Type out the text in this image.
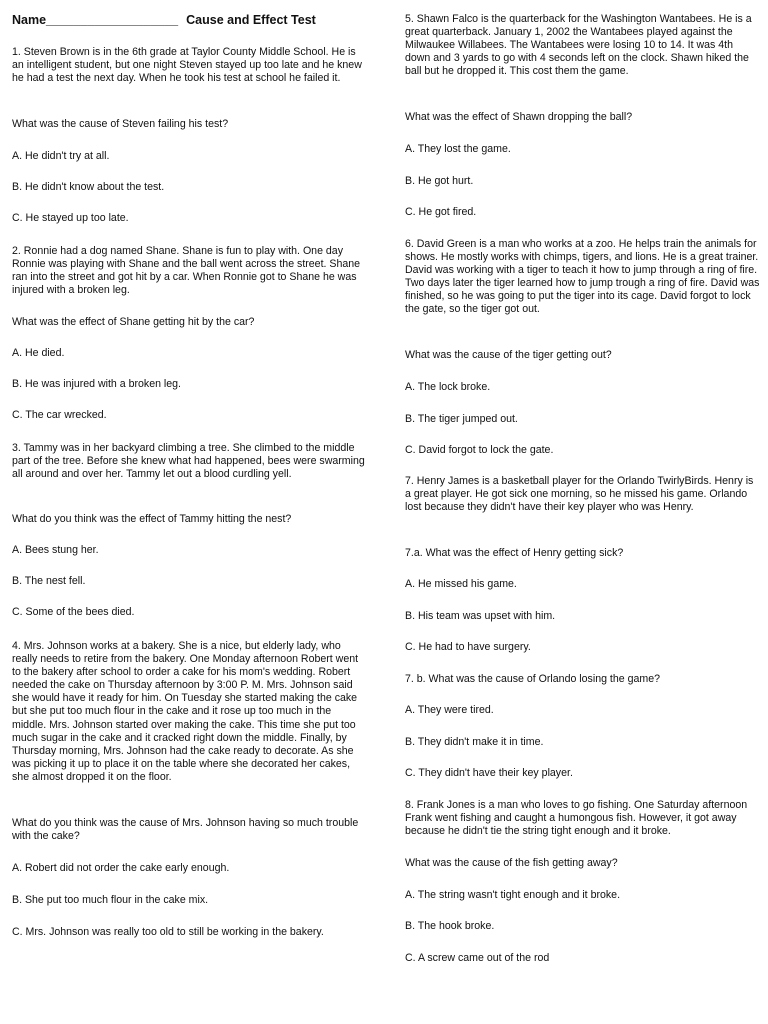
Name___________________ Cause and Effect Test

1. Steven Brown is in the 6th grade at Taylor County Middle School. He is an intelligent student, but one night Steven stayed up too late and he knew he had a test the next day. When he took his test at school he failed it.

What was the cause of Steven failing his test?

A. He didn't try at all.

B. He didn't know about the test.

C. He stayed up too late.

2. Ronnie had a dog named Shane. Shane is fun to play with. One day Ronnie was playing with Shane and the ball went across the street. Shane ran into the street and got hit by a car. When Ronnie got to Shane he was injured with a broken leg.

What was the effect of Shane getting hit by the car?

A. He died.

B. He was injured with a broken leg.

C. The car wrecked.

3. Tammy was in her backyard climbing a tree. She climbed to the middle part of the tree. Before she knew what had happened, bees were swarming all around and over her. Tammy let out a blood curdling yell.

What do you think was the effect of Tammy hitting the nest?

A. Bees stung her.

B. The nest fell.

C. Some of the bees died.

4. Mrs. Johnson works at a bakery. She is a nice, but elderly lady, who really needs to retire from the bakery. One Monday afternoon Robert went to the bakery after school to order a cake for his mom's wedding. Robert needed the cake on Thursday afternoon by 3:00 P. M. Mrs. Johnson said she would have it ready for him. On Tuesday she started making the cake but she put too much flour in the cake and it rose up too much in the middle. Mrs. Johnson started over making the cake. This time she put too much sugar in the cake and it cracked right down the middle. Finally, by Thursday morning, Mrs. Johnson had the cake ready to decorate. As she was picking it up to place it on the table where she decorated her cakes, she almost dropped it on the floor.

What do you think was the cause of Mrs. Johnson having so much trouble with the cake?

A. Robert did not order the cake early enough.

B. She put too much flour in the cake mix.

C. Mrs. Johnson was really too old to still be working in the bakery.

5. Shawn Falco is the quarterback for the Washington Wantabees. He is a great quarterback. January 1, 2002 the Wantabees played against the Milwaukee Willabees. The Wantabees were losing 10 to 14. It was 4th down and 3 yards to go with 4 seconds left on the clock. Shawn hiked the ball but he dropped it. This cost them the game.

What was the effect of Shawn dropping the ball?

A. They lost the game.

B. He got hurt.

C. He got fired.

6. David Green is a man who works at a zoo. He helps train the animals for shows. He mostly works with chimps, tigers, and lions. He is a great trainer. David was working with a tiger to teach it how to jump through a ring of fire. Two days later the tiger learned how to jump trough a ring of fire. David was finished, so he was going to put the tiger into its cage. David forgot to lock the gate, so the tiger got out.

What was the cause of the tiger getting out?

A. The lock broke.

B. The tiger jumped out.

C. David forgot to lock the gate.

7. Henry James is a basketball player for the Orlando TwirlyBirds. Henry is a great player. He got sick one morning, so he missed his game. Orlando lost because they didn't have their key player who was Henry.

7.a. What was the effect of Henry getting sick?

A. He missed his game.

B. His team was upset with him.

C. He had to have surgery.

7. b. What was the cause of Orlando losing the game?

A. They were tired.

B. They didn't make it in time.

C. They didn't have their key player.

8. Frank Jones is a man who loves to go fishing. One Saturday afternoon Frank went fishing and caught a humongous fish. However, it got away because he didn't tie the string tight enough and it broke.

What was the cause of the fish getting away?

A. The string wasn't tight enough and it broke.

B. The hook broke.

C. A screw came out of the rod
